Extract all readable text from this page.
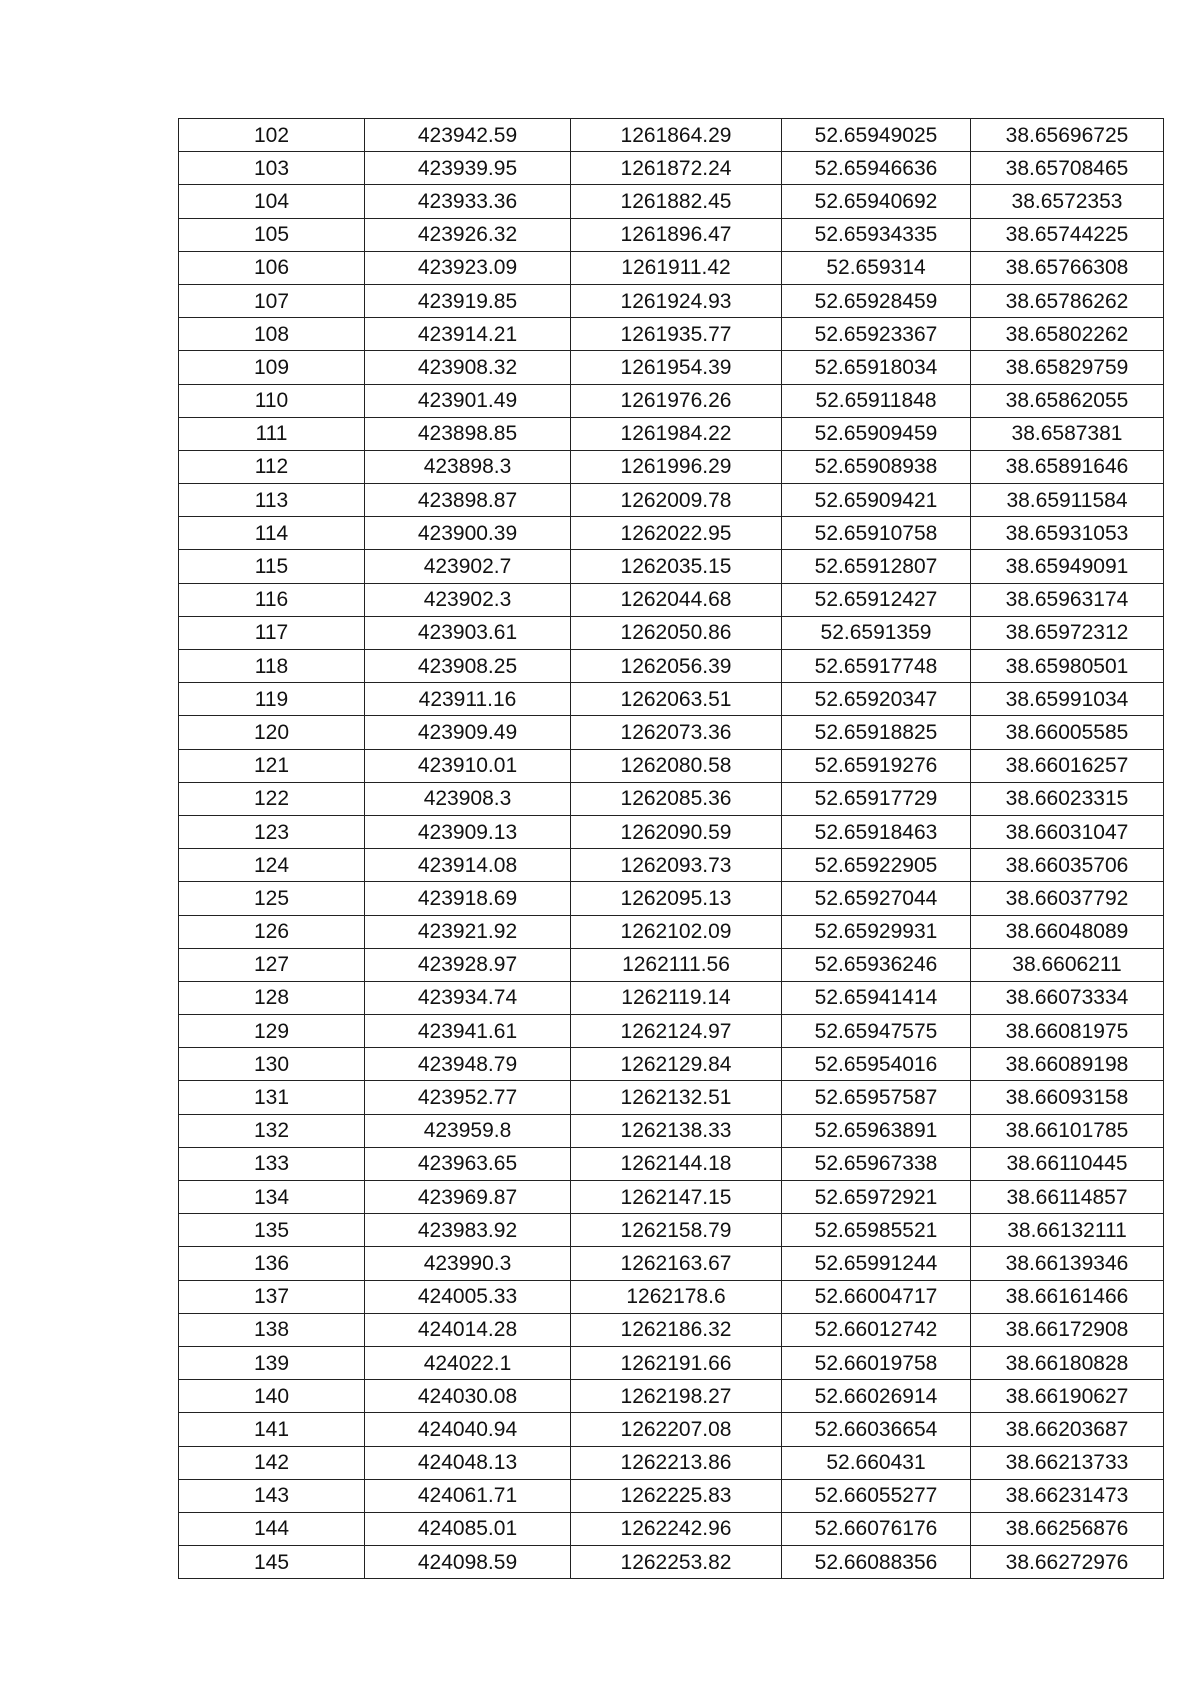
102	423942.59	1261864.29	52.65949025	38.65696725
103	423939.95	1261872.24	52.65946636	38.65708465
104	423933.36	1261882.45	52.65940692	38.6572353
105	423926.32	1261896.47	52.65934335	38.65744225
106	423923.09	1261911.42	52.659314	38.65766308
107	423919.85	1261924.93	52.65928459	38.65786262
108	423914.21	1261935.77	52.65923367	38.65802262
109	423908.32	1261954.39	52.65918034	38.65829759
110	423901.49	1261976.26	52.65911848	38.65862055
111	423898.85	1261984.22	52.65909459	38.6587381
112	423898.3	1261996.29	52.65908938	38.65891646
113	423898.87	1262009.78	52.65909421	38.65911584
114	423900.39	1262022.95	52.65910758	38.65931053
115	423902.7	1262035.15	52.65912807	38.65949091
116	423902.3	1262044.68	52.65912427	38.65963174
117	423903.61	1262050.86	52.6591359	38.65972312
118	423908.25	1262056.39	52.65917748	38.65980501
119	423911.16	1262063.51	52.65920347	38.65991034
120	423909.49	1262073.36	52.65918825	38.66005585
121	423910.01	1262080.58	52.65919276	38.66016257
122	423908.3	1262085.36	52.65917729	38.66023315
123	423909.13	1262090.59	52.65918463	38.66031047
124	423914.08	1262093.73	52.65922905	38.66035706
125	423918.69	1262095.13	52.65927044	38.66037792
126	423921.92	1262102.09	52.65929931	38.66048089
127	423928.97	1262111.56	52.65936246	38.6606211
128	423934.74	1262119.14	52.65941414	38.66073334
129	423941.61	1262124.97	52.65947575	38.66081975
130	423948.79	1262129.84	52.65954016	38.66089198
131	423952.77	1262132.51	52.65957587	38.66093158
132	423959.8	1262138.33	52.65963891	38.66101785
133	423963.65	1262144.18	52.65967338	38.66110445
134	423969.87	1262147.15	52.65972921	38.66114857
135	423983.92	1262158.79	52.65985521	38.66132111
136	423990.3	1262163.67	52.65991244	38.66139346
137	424005.33	1262178.6	52.66004717	38.66161466
138	424014.28	1262186.32	52.66012742	38.66172908
139	424022.1	1262191.66	52.66019758	38.66180828
140	424030.08	1262198.27	52.66026914	38.66190627
141	424040.94	1262207.08	52.66036654	38.66203687
142	424048.13	1262213.86	52.660431	38.66213733
143	424061.71	1262225.83	52.66055277	38.66231473
144	424085.01	1262242.96	52.66076176	38.66256876
145	424098.59	1262253.82	52.66088356	38.66272976
